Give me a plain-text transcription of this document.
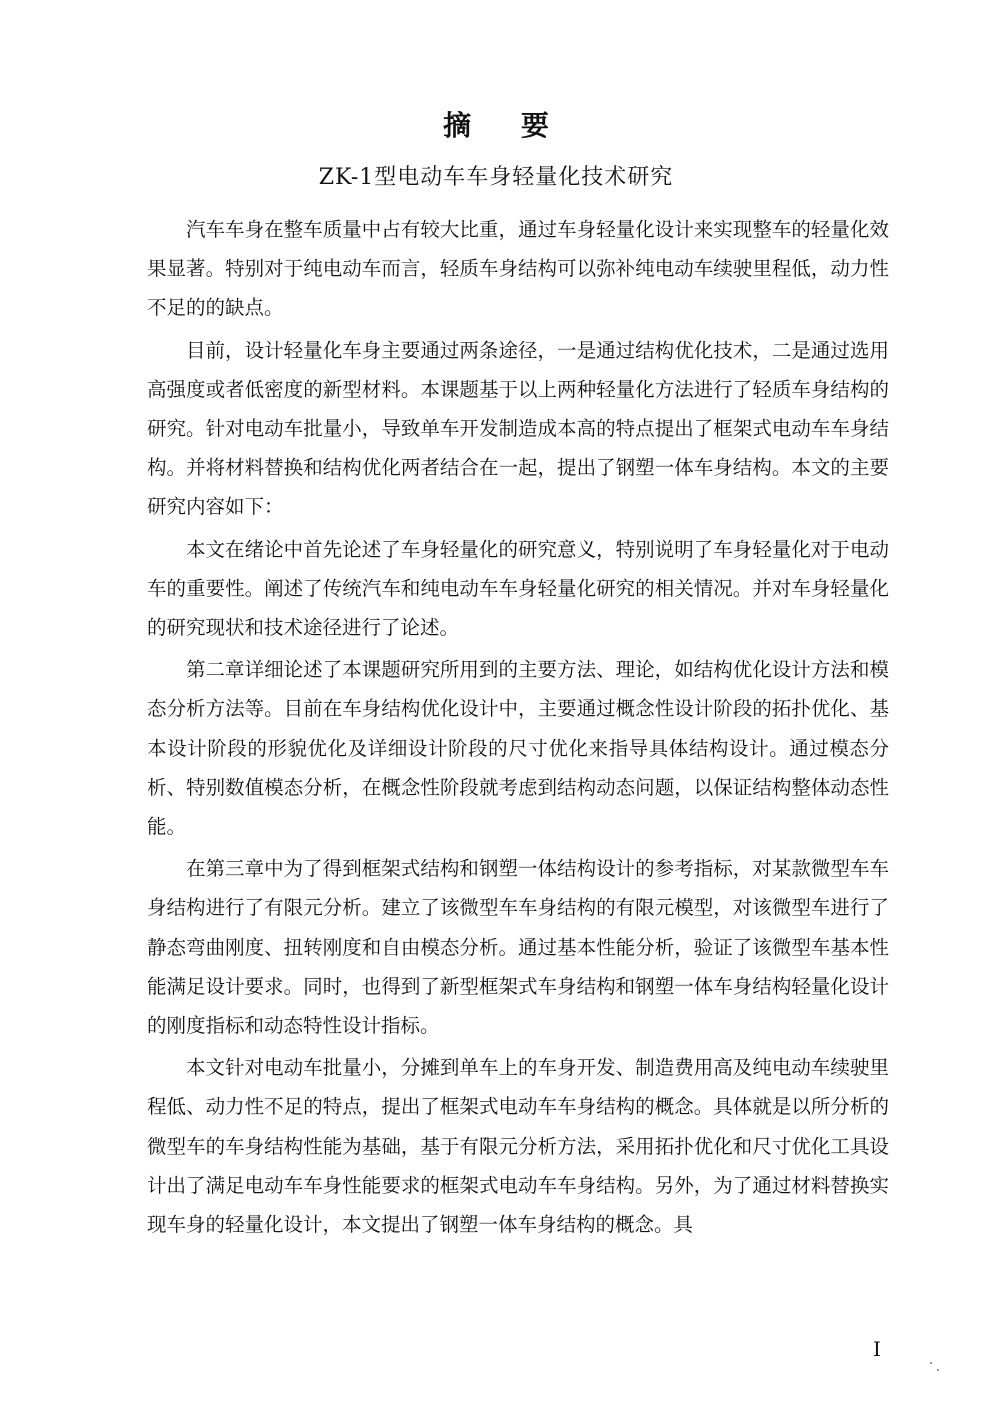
摘 要
ZK-1型电动车车身轻量化技术研究

汽车车身在整车质量中占有较大比重，通过车身轻量化设计来实现整车的轻量化效果显著。特别对于纯电动车而言，轻质车身结构可以弥补纯电动车续驶里程低，动力性不足的的缺点。

目前，设计轻量化车身主要通过两条途径，一是通过结构优化技术，二是通过选用高强度或者低密度的新型材料。本课题基于以上两种轻量化方法进行了轻质车身结构的研究。针对电动车批量小，导致单车开发制造成本高的特点提出了框架式电动车车身结构。并将材料替换和结构优化两者结合在一起，提出了钢塑一体车身结构。本文的主要研究内容如下：

本文在绪论中首先论述了车身轻量化的研究意义，特别说明了车身轻量化对于电动车的重要性。阐述了传统汽车和纯电动车车身轻量化研究的相关情况。并对车身轻量化的研究现状和技术途径进行了论述。

第二章详细论述了本课题研究所用到的主要方法、理论，如结构优化设计方法和模态分析方法等。目前在车身结构优化设计中，主要通过概念性设计阶段的拓扑优化、基本设计阶段的形貌优化及详细设计阶段的尺寸优化来指导具体结构设计。通过模态分析、特别数值模态分析，在概念性阶段就考虑到结构动态问题，以保证结构整体动态性能。

在第三章中为了得到框架式结构和钢塑一体结构设计的参考指标，对某款微型车车身结构进行了有限元分析。建立了该微型车车身结构的有限元模型，对该微型车进行了静态弯曲刚度、扭转刚度和自由模态分析。通过基本性能分析，验证了该微型车基本性能满足设计要求。同时，也得到了新型框架式车身结构和钢塑一体车身结构轻量化设计的刚度指标和动态特性设计指标。

本文针对电动车批量小，分摊到单车上的车身开发、制造费用高及纯电动车续驶里程低、动力性不足的特点，提出了框架式电动车车身结构的概念。具体就是以所分析的微型车的车身结构性能为基础，基于有限元分析方法，采用拓扑优化和尺寸优化工具设计出了满足电动车车身性能要求的框架式电动车车身结构。另外，为了通过材料替换实现车身的轻量化设计，本文提出了钢塑一体车身结构的概念。具

I
